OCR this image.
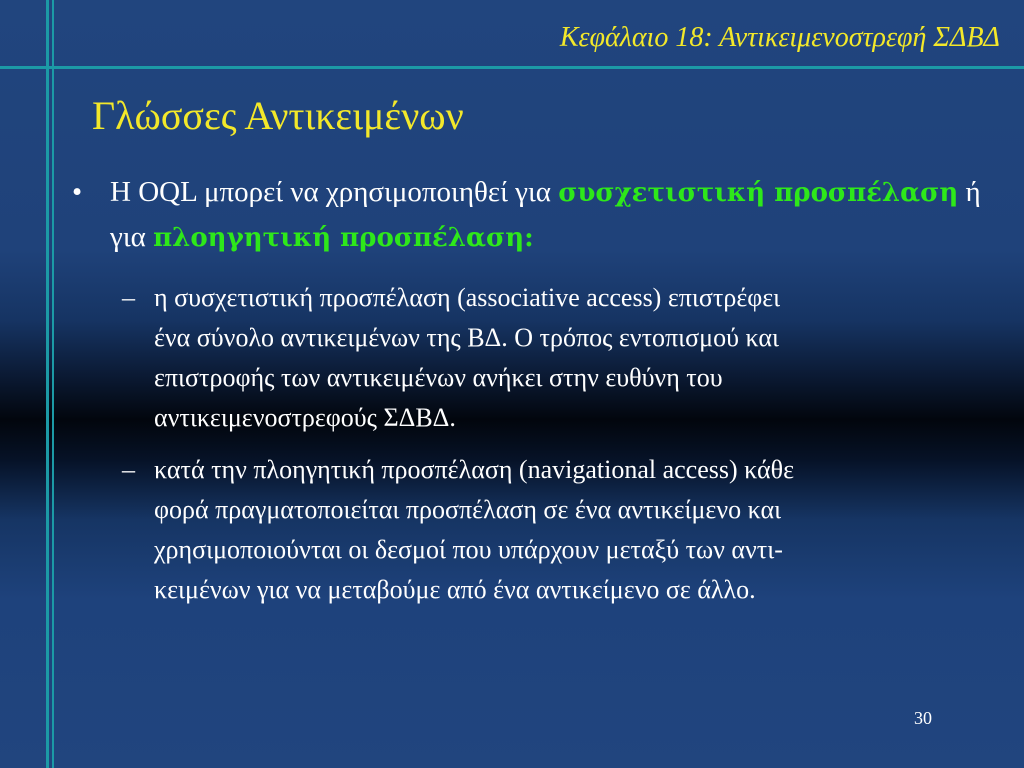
Κεφάλαιο 18: Αντικειμενοστρεφή ΣΔΒΔ
Γλώσσες Αντικειμένων
• Η OQL μπορεί να χρησιμοποιηθεί για συσχετιστική προσπέλαση ή για πλοηγητική προσπέλαση:
– η συσχετιστική προσπέλαση (associative access) επιστρέφει
ένα σύνολο αντικειμένων της ΒΔ. Ο τρόπος εντοπισμού και
επιστροφής των αντικειμένων ανήκει στην ευθύνη του
αντικειμενοστρεφούς ΣΔΒΔ.
– κατά την πλοηγητική προσπέλαση (navigational access) κάθε
φορά πραγματοποιείται προσπέλαση σε ένα αντικείμενο και
χρησιμοποιούνται οι δεσμοί που υπάρχουν μεταξύ των αντι-
κειμένων για να μεταβούμε από ένα αντικείμενο σε άλλο.
30
